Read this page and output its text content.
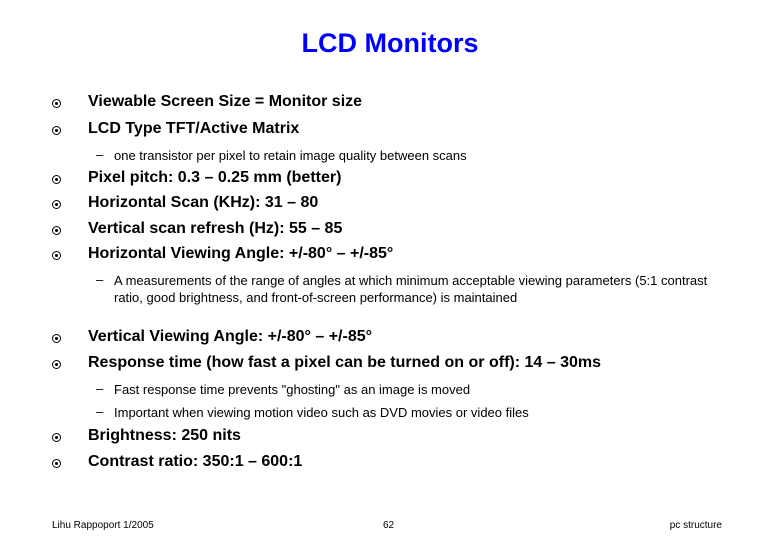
LCD Monitors
Viewable Screen Size = Monitor size
LCD Type TFT/Active Matrix
– one transistor per pixel to retain image quality between scans
Pixel pitch: 0.3 – 0.25 mm (better)
Horizontal Scan (KHz): 31 – 80
Vertical scan refresh (Hz): 55 – 85
Horizontal Viewing Angle: +/-80° – +/-85°
– A measurements of the range of angles at which minimum acceptable viewing parameters (5:1 contrast ratio, good brightness, and front-of-screen performance) is maintained
Vertical Viewing Angle: +/-80° – +/-85°
Response time (how fast a pixel can be turned on or off): 14 – 30ms
– Fast response time prevents "ghosting" as an image is moved
– Important when viewing motion video such as DVD movies or video files
Brightness: 250 nits
Contrast ratio: 350:1 – 600:1
Lihu Rappoport 1/2005	62	pc structure
